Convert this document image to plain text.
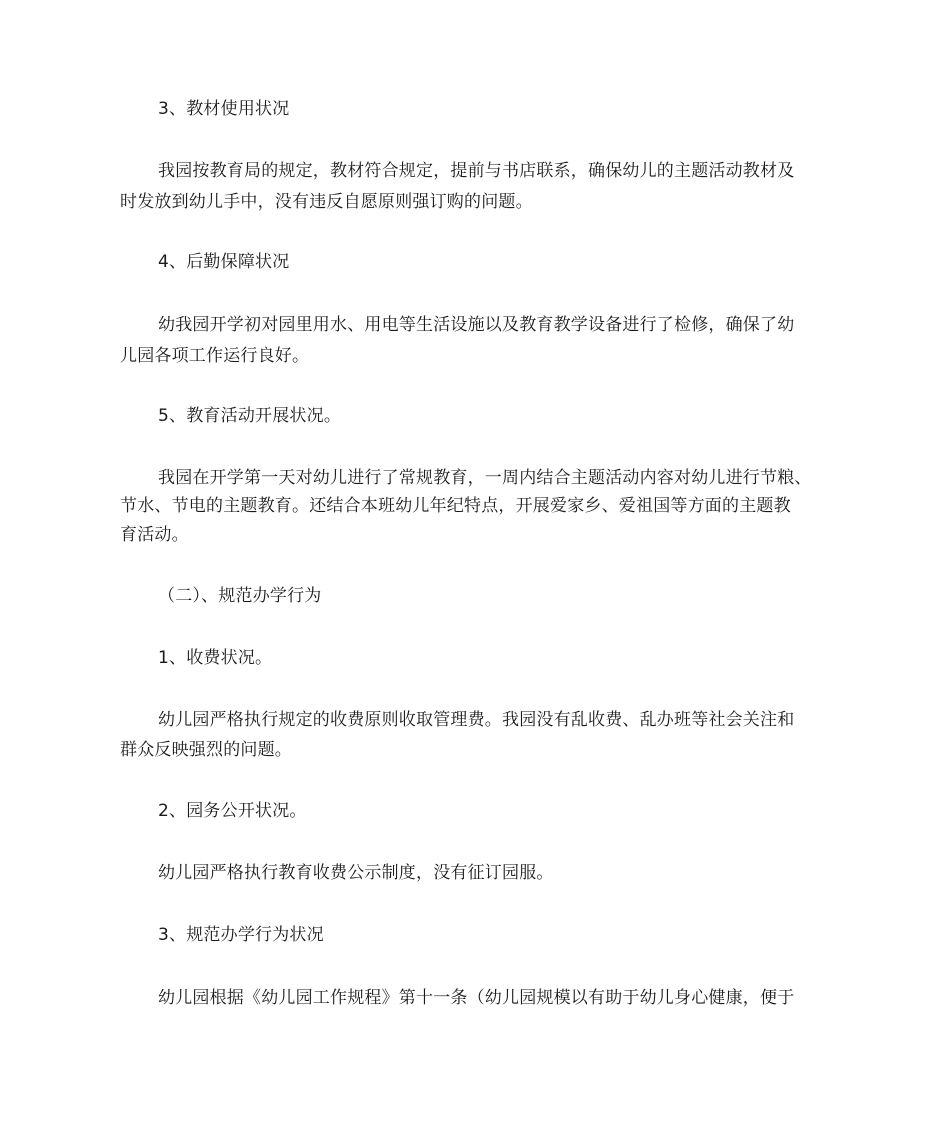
3、教材使用状况
我园按教育局的规定，教材符合规定，提前与书店联系，确保幼儿的主题活动教材及
时发放到幼儿手中，没有违反自愿原则强订购的问题。
4、后勤保障状况
幼我园开学初对园里用水、用电等生活设施以及教育教学设备进行了检修，确保了幼
儿园各项工作运行良好。
5、教育活动开展状况。
我园在开学第一天对幼儿进行了常规教育，一周内结合主题活动内容对幼儿进行节粮、
节水、节电的主题教育。还结合本班幼儿年纪特点，开展爱家乡、爱祖国等方面的主题教
育活动。
（二）、规范办学行为
1、收费状况。
幼儿园严格执行规定的收费原则收取管理费。我园没有乱收费、乱办班等社会关注和
群众反映强烈的问题。
2、园务公开状况。
幼儿园严格执行教育收费公示制度，没有征订园服。
3、规范办学行为状况
幼儿园根据《幼儿园工作规程》第十一条（幼儿园规模以有助于幼儿身心健康，便于
